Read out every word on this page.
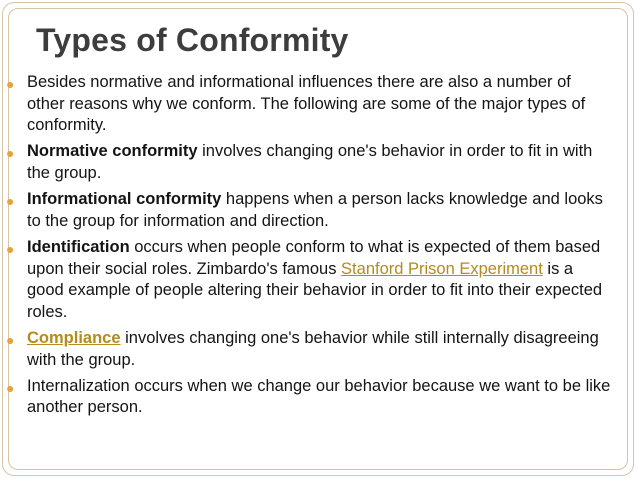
Types of Conformity
● Besides normative and informational influences there are also a number of other reasons why we conform. The following are some of the major types of conformity.
● Normative conformity involves changing one's behavior in order to fit in with the group.
● Informational conformity happens when a person lacks knowledge and looks to the group for information and direction.
● Identification occurs when people conform to what is expected of them based upon their social roles. Zimbardo's famous Stanford Prison Experiment is a good example of people altering their behavior in order to fit into their expected roles.
● Compliance involves changing one's behavior while still internally disagreeing with the group.
● Internalization occurs when we change our behavior because we want to be like another person.
